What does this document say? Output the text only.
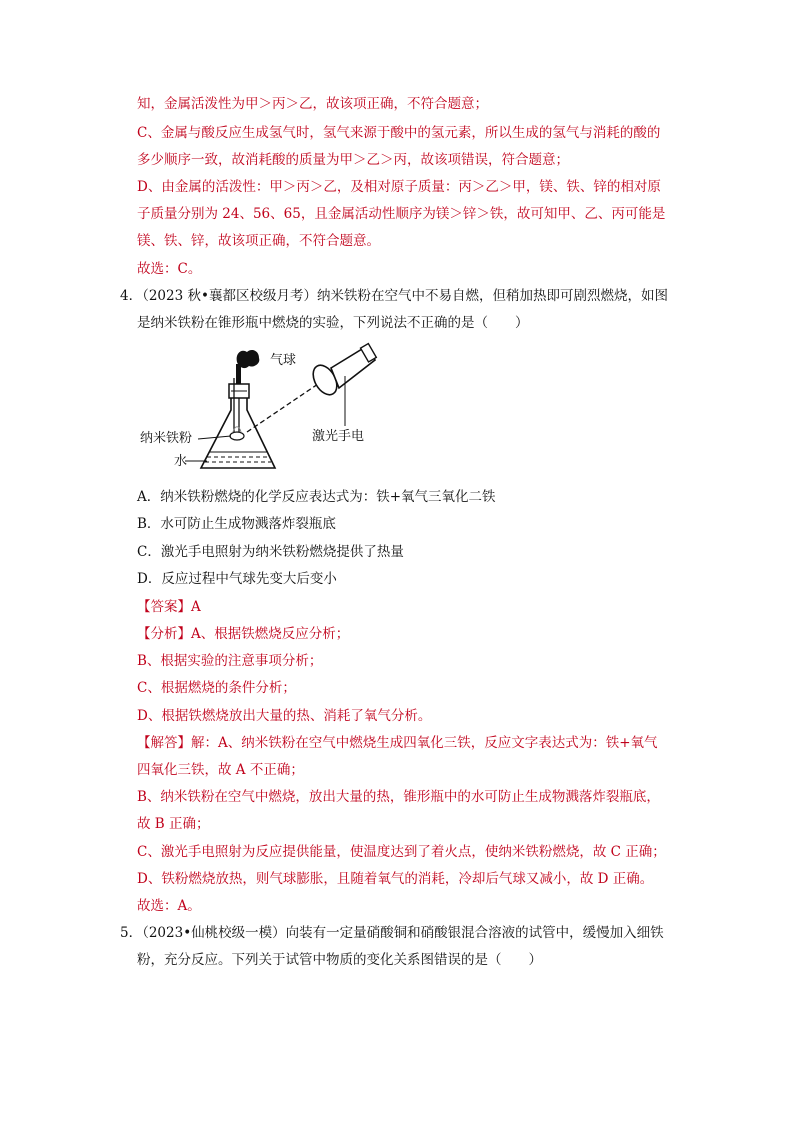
知，金属活泼性为甲＞丙＞乙，故该项正确，不符合题意；
C、金属与酸反应生成氢气时，氢气来源于酸中的氢元素，所以生成的氢气与消耗的酸的
多少顺序一致，故消耗酸的质量为甲＞乙＞丙，故该项错误，符合题意；
D、由金属的活泼性：甲＞丙＞乙，及相对原子质量：丙＞乙＞甲，镁、铁、锌的相对原
子质量分别为 24、56、65，且金属活动性顺序为镁＞锌＞铁，故可知甲、乙、丙可能是
镁、铁、锌，故该项正确，不符合题意。
故选：C。
4．（2023 秋•襄都区校级月考）纳米铁粉在空气中不易自燃，但稍加热即可剧烈燃烧，如图
是纳米铁粉在锥形瓶中燃烧的实验，下列说法不正确的是（　　）
气球
纳米铁粉
水
激光手电
A．纳米铁粉燃烧的化学反应表达式为：铁+氧气三氧化二铁
B．水可防止生成物溅落炸裂瓶底
C．激光手电照射为纳米铁粉燃烧提供了热量
D．反应过程中气球先变大后变小
【答案】A
【分析】A、根据铁燃烧反应分析；
B、根据实验的注意事项分析；
C、根据燃烧的条件分析；
D、根据铁燃烧放出大量的热、消耗了氧气分析。
【解答】解：A、纳米铁粉在空气中燃烧生成四氧化三铁，反应文字表达式为：铁+氧气
四氧化三铁，故 A 不正确；
B、纳米铁粉在空气中燃烧，放出大量的热，锥形瓶中的水可防止生成物溅落炸裂瓶底，
故 B 正确；
C、激光手电照射为反应提供能量，使温度达到了着火点，使纳米铁粉燃烧，故 C 正确；
D、铁粉燃烧放热，则气球膨胀，且随着氧气的消耗，冷却后气球又减小，故 D 正确。
故选：A。
5．（2023•仙桃校级一模）向装有一定量硝酸铜和硝酸银混合溶液的试管中，缓慢加入细铁
粉，充分反应。下列关于试管中物质的变化关系图错误的是（　　）
